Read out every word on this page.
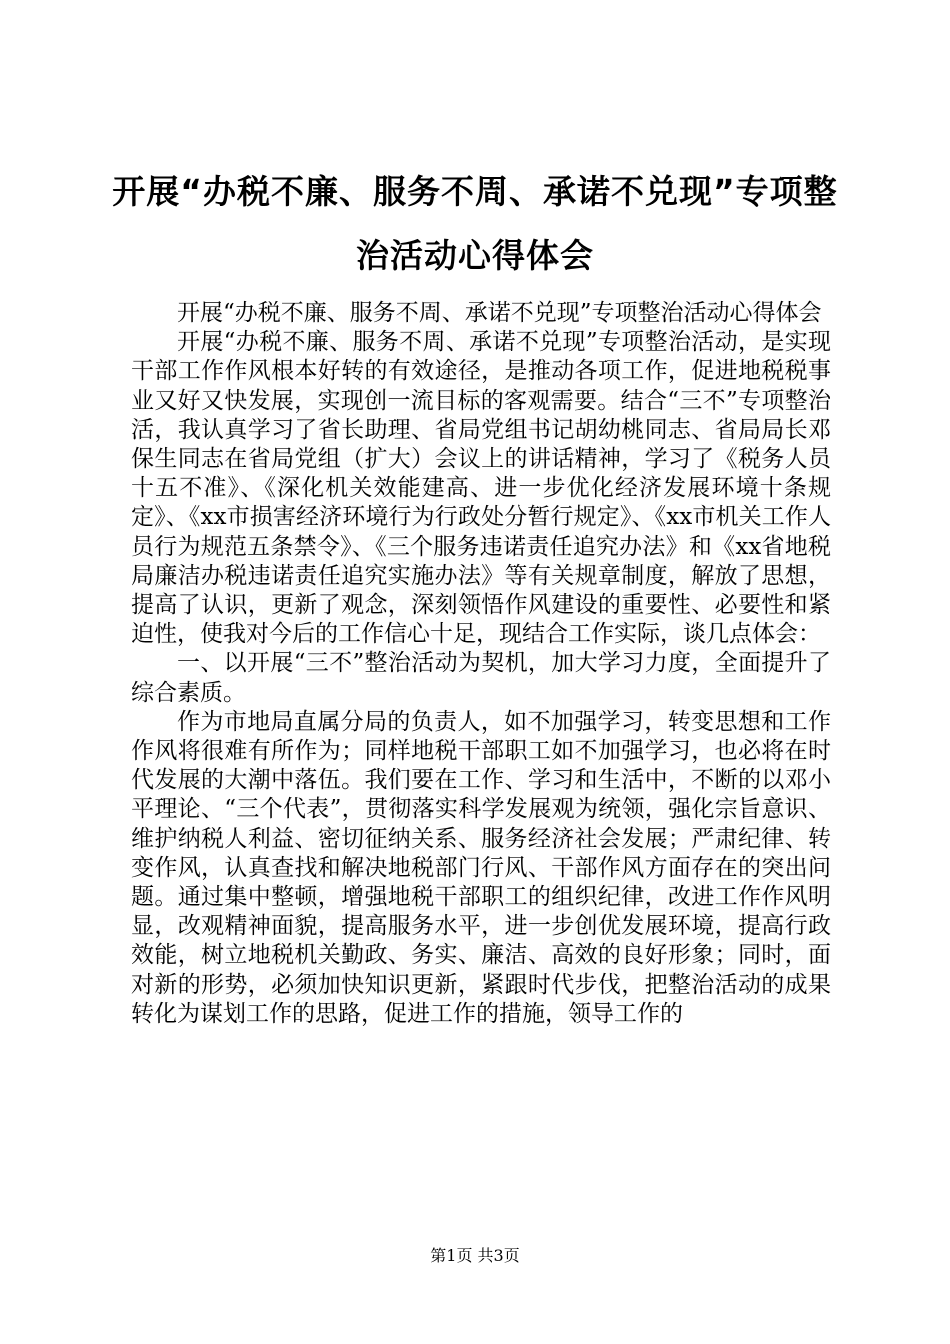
开展“办税不廉、服务不周、承诺不兑现”专项整治活动心得体会

开展“办税不廉、服务不周、承诺不兑现”专项整治活动心得体会

开展“办税不廉、服务不周、承诺不兑现”专项整治活动，是实现干部工作作风根本好转的有效途径，是推动各项工作，促进地税税事业又好又快发展，实现创一流目标的客观需要。结合“三不”专项整治活，我认真学习了省长助理、省局党组书记胡幼桃同志、省局局长邓保生同志在省局党组（扩大）会议上的讲话精神，学习了《税务人员十五不准》、《深化机关效能建高、进一步优化经济发展环境十条规定》、《xx市损害经济环境行为行政处分暂行规定》、《xx市机关工作人员行为规范五条禁令》、《三个服务违诺责任追究办法》和《xx省地税局廉洁办税违诺责任追究实施办法》等有关规章制度，解放了思想，提高了认识，更新了观念，深刻领悟作风建设的重要性、必要性和紧迫性，使我对今后的工作信心十足，现结合工作实际，谈几点体会：

一、以开展“三不”整治活动为契机，加大学习力度，全面提升了综合素质。

作为市地局直属分局的负责人，如不加强学习，转变思想和工作作风将很难有所作为；同样地税干部职工如不加强学习，也必将在时代发展的大潮中落伍。我们要在工作、学习和生活中，不断的以邓小平理论、“三个代表”，贯彻落实科学发展观为统领，强化宗旨意识、维护纳税人利益、密切征纳关系、服务经济社会发展；严肃纪律、转变作风，认真查找和解决地税部门行风、干部作风方面存在的突出问题。通过集中整顿，增强地税干部职工的组织纪律，改进工作作风明显，改观精神面貌，提高服务水平，进一步创优发展环境，提高行政效能，树立地税机关勤政、务实、廉洁、高效的良好形象；同时，面对新的形势，必须加快知识更新，紧跟时代步伐，把整治活动的成果转化为谋划工作的思路，促进工作的措施，领导工作的

第1页 共3页
